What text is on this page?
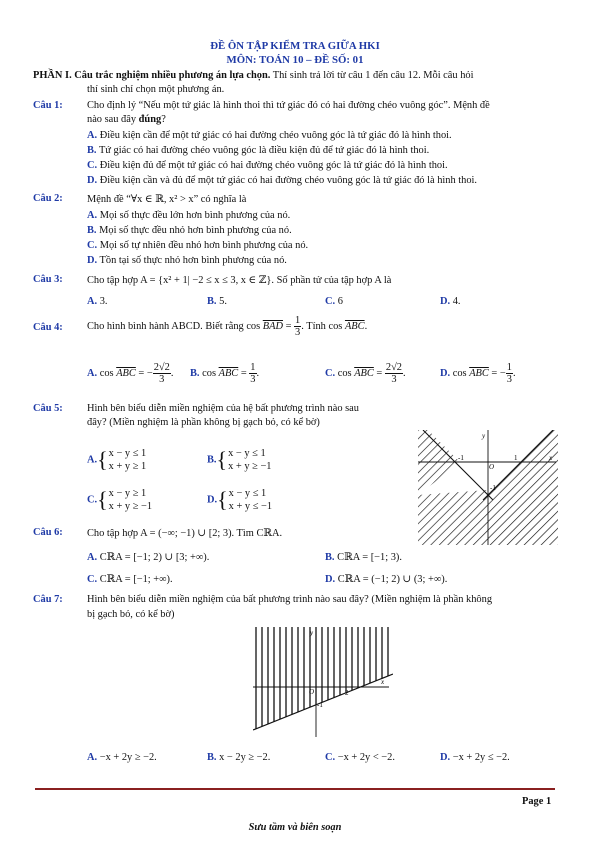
ĐỀ ÔN TẬP KIỂM TRA GIỮA HKI
MÔN: TOÁN 10 – ĐỀ SỐ: 01
PHẦN I. Câu trắc nghiệm nhiều phương án lựa chọn. Thí sinh trả lời từ câu 1 đến câu 12. Mỗi câu hỏi
thí sinh chỉ chọn một phương án.
Câu 1: Cho định lý “Nếu một tứ giác là hình thoi thì tứ giác đó có hai đường chéo vuông góc”. Mệnh đề
nào sau đây đúng?
A. Điều kiện cần để một tứ giác có hai đường chéo vuông góc là tứ giác đó là hình thoi.
B. Tứ giác có hai đường chéo vuông góc là điều kiện đủ để tứ giác đó là hình thoi.
C. Điều kiện đủ để một tứ giác có hai đường chéo vuông góc là tứ giác đó là hình thoi.
D. Điều kiện cần và đủ để một tứ giác có hai đường chéo vuông góc là tứ giác đó là hình thoi.
Câu 2: Mệnh đề “∀x ∈ ℝ, x² > x” có nghĩa là
A. Mọi số thực đều lớn hơn bình phương của nó.
B. Mọi số thực đều nhỏ hơn bình phương của nó.
C. Mọi số tự nhiên đều nhỏ hơn bình phương của nó.
D. Tồn tại số thực nhỏ hơn bình phương của nó.
Câu 3: Cho tập hợp A = {x² + 1| −2 ≤ x ≤ 3, x ∈ ℤ}. Số phần tử của tập hợp A là
A. 3.	B. 5.	C. 6	D. 4.
Câu 4: Cho hình bình hành ABCD. Biết rằng $\cos \overline{BAD} = \frac{1}{3}$ . Tính $\cos \overline{ABC}$.
A. $\cos \overline{ABC}$ = − $\frac{2√2}{3}$ . B. $\cos \overline{ABC} = \frac{1}{3}$ .	C. $\cos \overline{ABC} = \frac{2√2}{3}$ .	D. $\cos \overline{ABC}$ = − $\frac{1}{3}$ .
Câu 5: Hình bên biểu diễn miền nghiệm của hệ bất phương trình nào sau
đây? (Miền nghiệm là phần không bị gạch bỏ, có kể bờ)
A.{x − y ≤ 1
x + y ≥ 1
B.{x − y ≤ 1
x + y ≥ −1
C.{x − y ≥ 1
x + y ≥ −1
D.{x − y ≤ 1
x + y ≤ −1
y
x
O
-1	1
-1
Câu 6: Cho tập hợp A = (−∞; −1) ∪ [2; 3). Tìm CℝA.
A. CℝA = [−1; 2) ∪ [3; +∞).	B. CℝA = [−1; 3).
C. CℝA = [−1; +∞).	D. CℝA = (−1; 2) ∪ (3; +∞).
Câu 7: Hình bên biểu diễn miền nghiệm của bất phương trình nào sau đây? (Miền nghiệm là phần không
bị gạch bỏ, có kể bờ)
y
x
O	2
-1
A. −x + 2y ≥ −2.	B. x − 2y ≥ −2.	C. −x + 2y < −2.	D. −x + 2y ≤ −2.
Page 1
Sưu tầm và biên soạn
